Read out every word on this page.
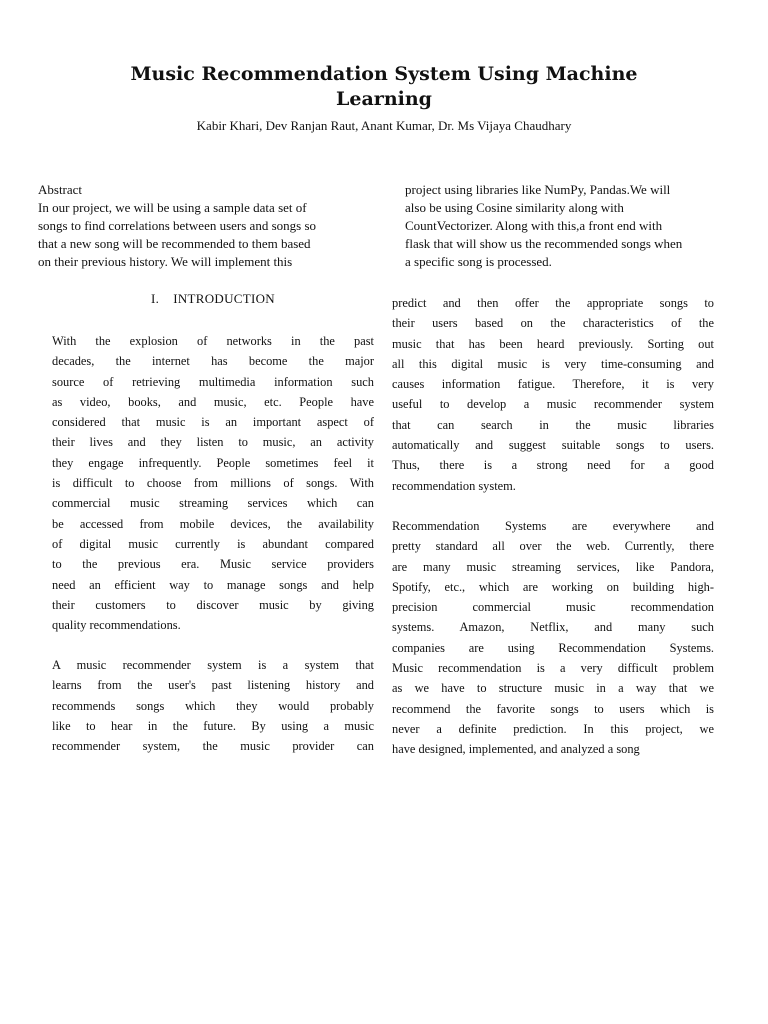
Music Recommendation System Using Machine
Learning
Kabir Khari, Dev Ranjan Raut, Anant Kumar, Dr. Ms Vijaya Chaudhary
Abstract
In our project, we will be using a sample data set of
songs to find correlations between users and songs so
that a new song will be recommended to them based
on their previous history. We will implement this
project using libraries like NumPy, Pandas.We will
also be using Cosine similarity along with
CountVectorizer. Along with this,a front end with
flask that will show us the recommended songs when
a specific song is processed.
I. INTRODUCTION
With the explosion of networks in the past
decades, the internet has become the major
source of retrieving multimedia information such
as video, books, and music, etc. People have
considered that music is an important aspect of
their lives and they listen to music, an activity
they engage infrequently. People sometimes feel it
is difficult to choose from millions of songs. With
commercial music streaming services which can
be accessed from mobile devices, the availability
of digital music currently is abundant compared
to the previous era. Music service providers
need an efficient way to manage songs and help
their customers to discover music by giving
quality recommendations.
A music recommender system is a system that
learns from the user's past listening history and
recommends songs which they would probably
like to hear in the future. By using a music
recommender system, the music provider can
predict and then offer the appropriate songs to
their users based on the characteristics of the
music that has been heard previously. Sorting out
all this digital music is very time-consuming and
causes information fatigue. Therefore, it is very
useful to develop a music recommender system
that can search in the music libraries
automatically and suggest suitable songs to users.
Thus, there is a strong need for a good
recommendation system.
Recommendation Systems are everywhere and
pretty standard all over the web. Currently, there
are many music streaming services, like Pandora,
Spotify, etc., which are working on building high-
precision commercial music recommendation
systems. Amazon, Netflix, and many such
companies are using Recommendation Systems.
Music recommendation is a very difficult problem
as we have to structure music in a way that we
recommend the favorite songs to users which is
never a definite prediction. In this project, we
have designed, implemented, and analyzed a song
